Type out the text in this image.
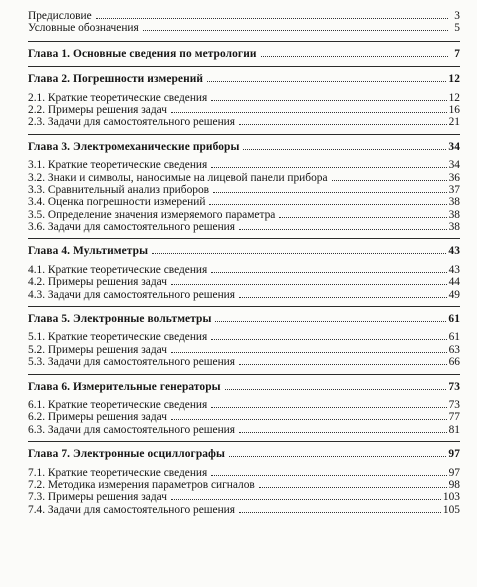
Предисловие	3
Условные обозначения	5
Глава 1. Основные сведения по метрологии	7
Глава 2. Погрешности измерений	12
2.1. Краткие теоретические сведения	12
2.2. Примеры решения задач	16
2.3. Задачи для самостоятельного решения	21
Глава 3. Электромеханические приборы	34
3.1. Краткие теоретические сведения	34
3.2. Знаки и символы, наносимые на лицевой панели прибора	36
3.3. Сравнительный анализ приборов	37
3.4. Оценка погрешности измерений	38
3.5. Определение значения измеряемого параметра	38
3.6. Задачи для самостоятельного решения	38
Глава 4. Мультиметры	43
4.1. Краткие теоретические сведения	43
4.2. Примеры решения задач	44
4.3. Задачи для самостоятельного решения	49
Глава 5. Электронные вольтметры	61
5.1. Краткие теоретические сведения	61
5.2. Примеры решения задач	63
5.3. Задачи для самостоятельного решения	66
Глава 6. Измерительные генераторы	73
6.1. Краткие теоретические сведения	73
6.2. Примеры решения задач	77
6.3. Задачи для самостоятельного решения	81
Глава 7. Электронные осциллографы	97
7.1. Краткие теоретические сведения	97
7.2. Методика измерения параметров сигналов	98
7.3. Примеры решения задач	103
7.4. Задачи для самостоятельного решения	105
